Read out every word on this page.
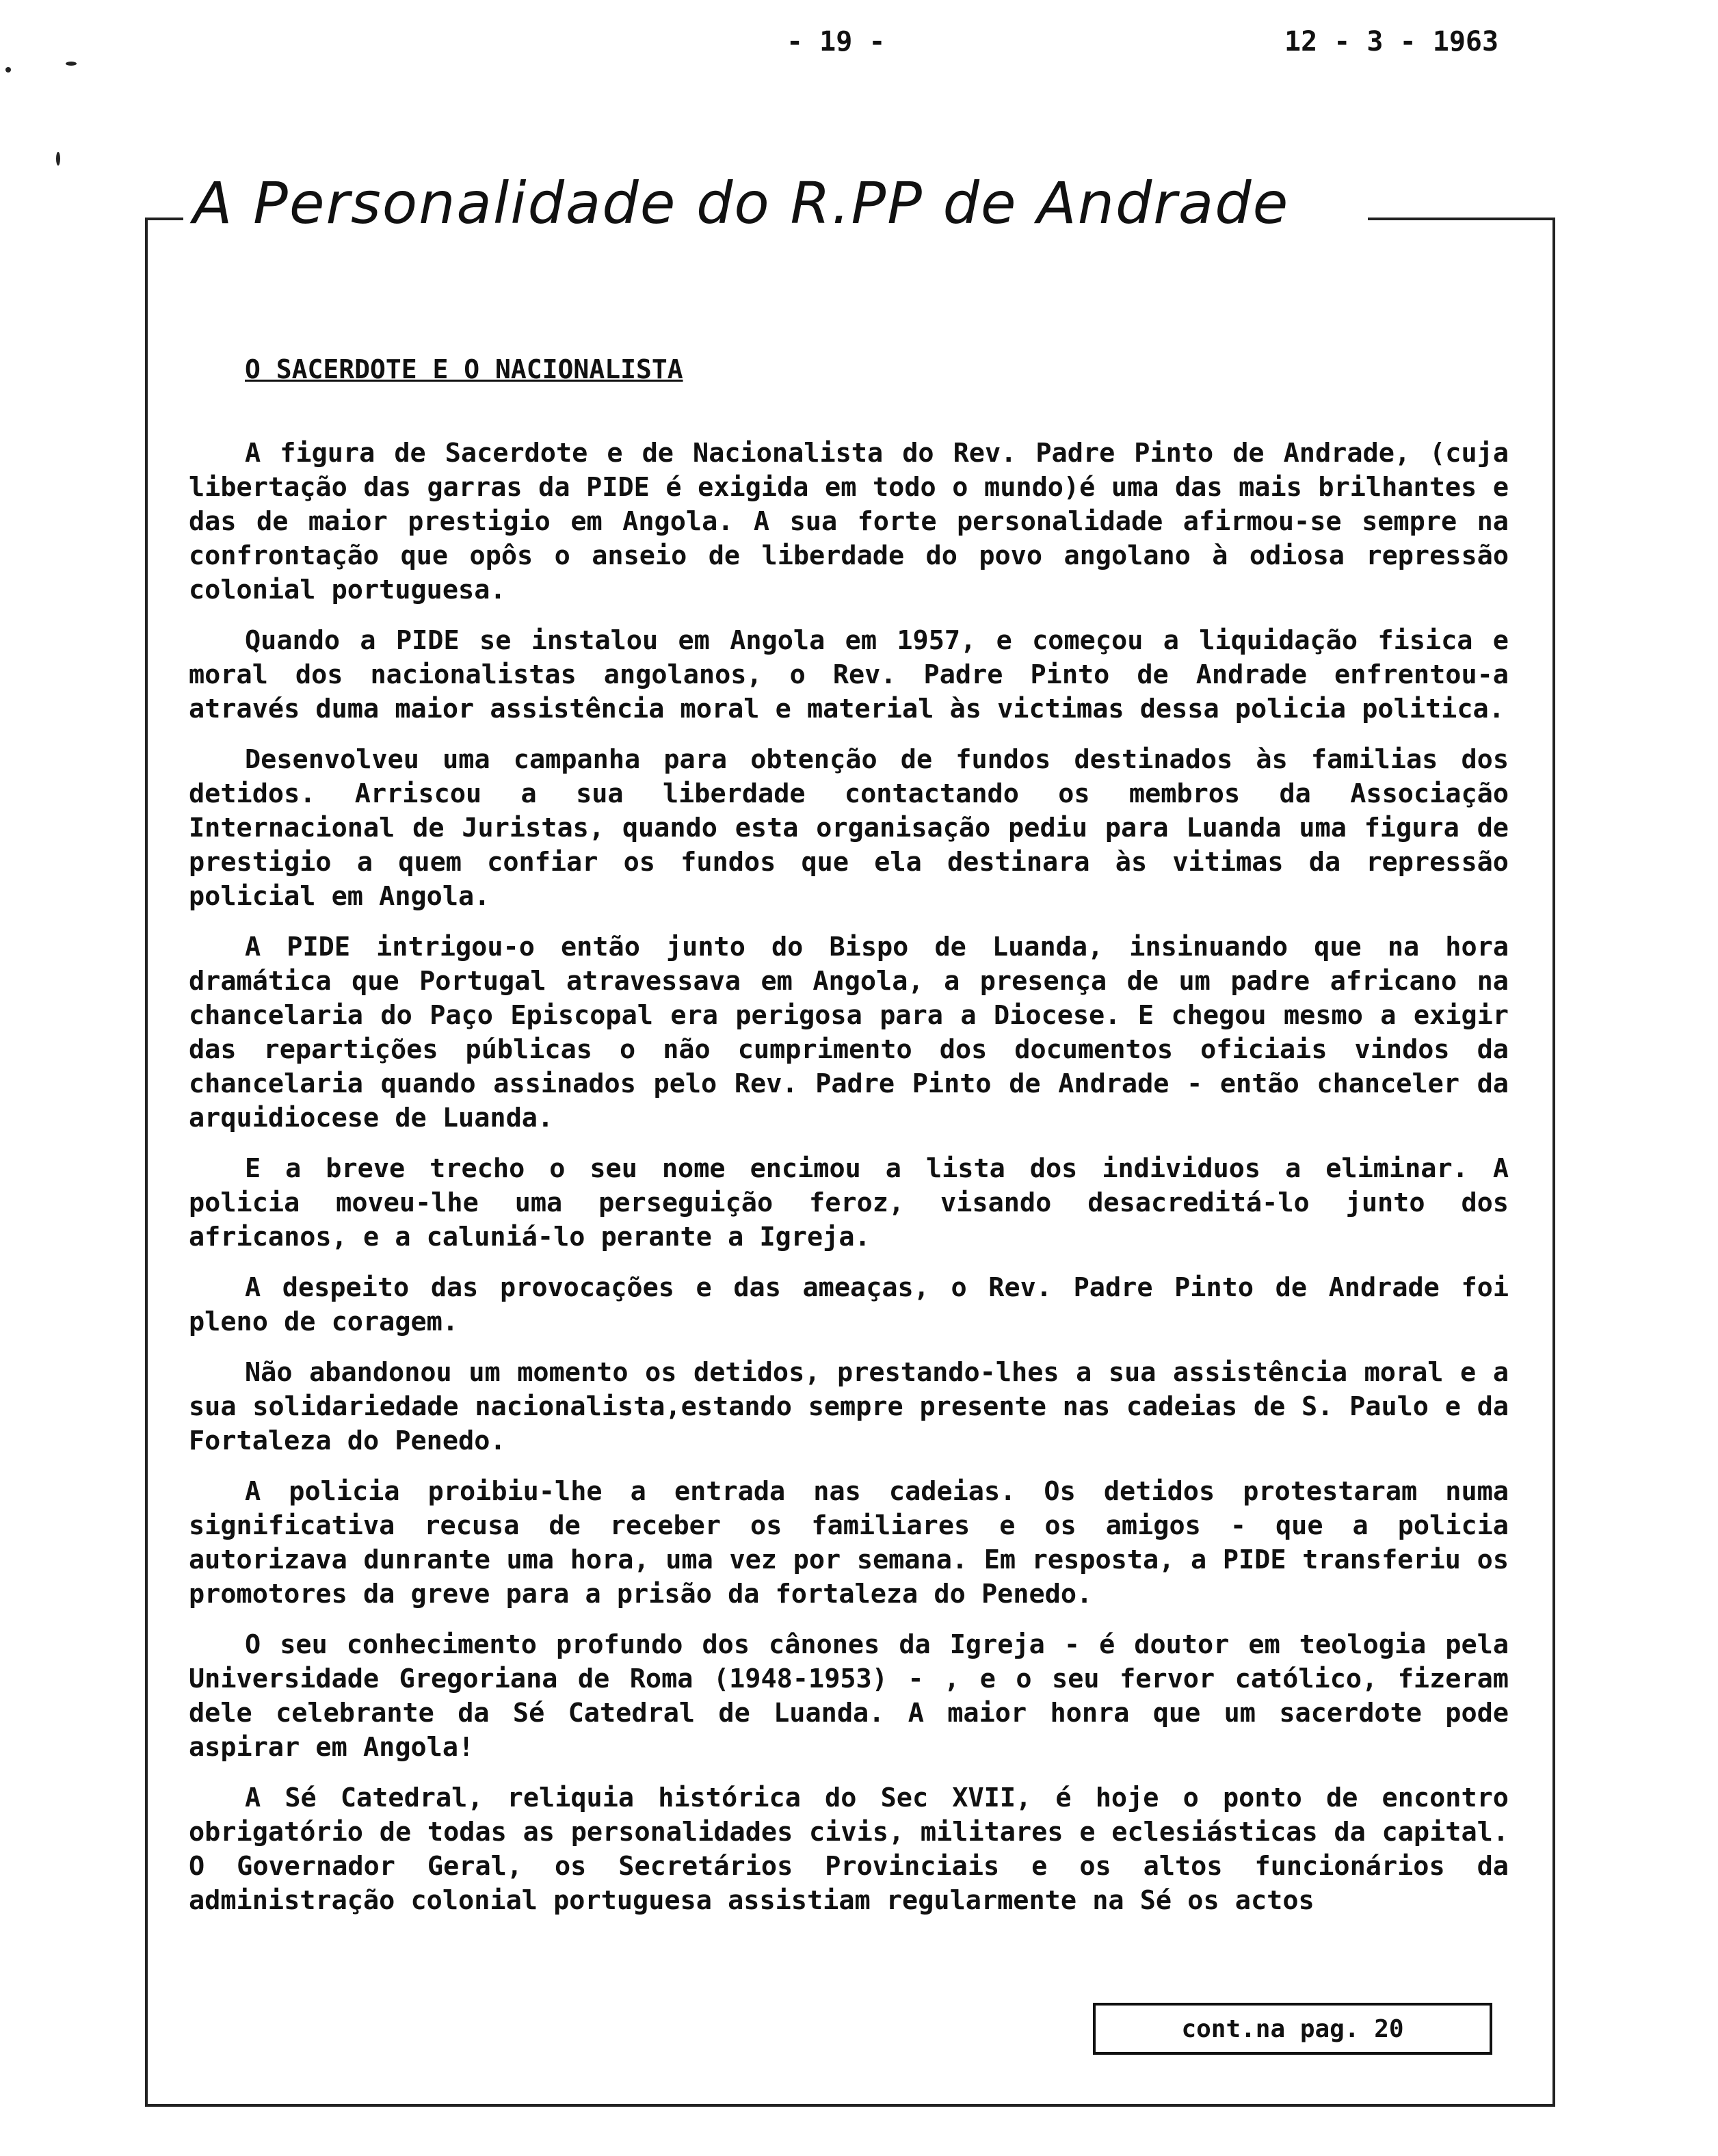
- 19 -	12 - 3 - 1963
A Personalidade do R.PP de Andrade
O SACERDOTE E O NACIONALISTA

A figura de Sacerdote e de Nacionalista do Rev. Padre Pinto de Andrade, (cuja libertação das garras da PIDE é exigida em todo o mundo)é uma das mais brilhantes e das de maior prestigio em Angola. A sua forte personalidade afirmou-se sempre na confrontação que opôs o anseio de liberdade do povo angolano à odiosa repressão colonial portuguesa.

Quando a PIDE se instalou em Angola em 1957, e começou a liquidação fisica e moral dos nacionalistas angolanos, o Rev. Padre Pinto de Andrade enfrentou-a através duma maior assistência moral e material às victimas dessa policia politica.

Desenvolveu uma campanha para obtenção de fundos destinados às familias dos detidos. Arriscou a sua liberdade contactando os membros da Associação Internacional de Juristas, quando esta organisação pediu para Luanda uma figura de prestigio a quem confiar os fundos que ela destinara às vitimas da repressão policial em Angola.

A PIDE intrigou-o então junto do Bispo de Luanda, insinuando que na hora dramática que Portugal atravessava em Angola, a presença de um padre africano na chancelaria do Paço Episcopal era perigosa para a Diocese. E chegou mesmo a exigir das repartições públicas o não cumprimento dos documentos oficiais vindos da chancelaria quando assinados pelo Rev. Padre Pinto de Andrade - então chanceler da arquidiocese de Luanda.

E a breve trecho o seu nome encimou a lista dos individuos a eliminar. A policia moveu-lhe uma perseguição feroz, visando desacreditá-lo junto dos africanos, e a caluniá-lo perante a Igreja.

A despeito das provocações e das ameaças, o Rev. Padre Pinto de Andrade foi pleno de coragem.

Não abandonou um momento os detidos, prestando-lhes a sua assistência moral e a sua solidariedade nacionalista,estando sempre presente nas cadeias de S. Paulo e da Fortaleza do Penedo.

A policia proibiu-lhe a entrada nas cadeias. Os detidos protestaram numa significativa recusa de receber os familiares e os amigos - que a policia autorizava dunrante uma hora, uma vez por semana. Em resposta, a PIDE transferiu os promotores da greve para a prisão da fortaleza do Penedo.

O seu conhecimento profundo dos cânones da Igreja - é doutor em teologia pela Universidade Gregoriana de Roma (1948-1953) - , e o seu fervor católico, fizeram dele celebrante da Sé Catedral de Luanda. A maior honra que um sacerdote pode aspirar em Angola!

A Sé Catedral, reliquia histórica do Sec XVII, é hoje o ponto de encontro obrigatório de todas as personalidades civis, militares e eclesiásticas da capital. O Governador Geral, os Secretários Provinciais e os altos funcionários da administração colonial portuguesa assistiam regularmente na Sé os actos

cont.na pag. 20
